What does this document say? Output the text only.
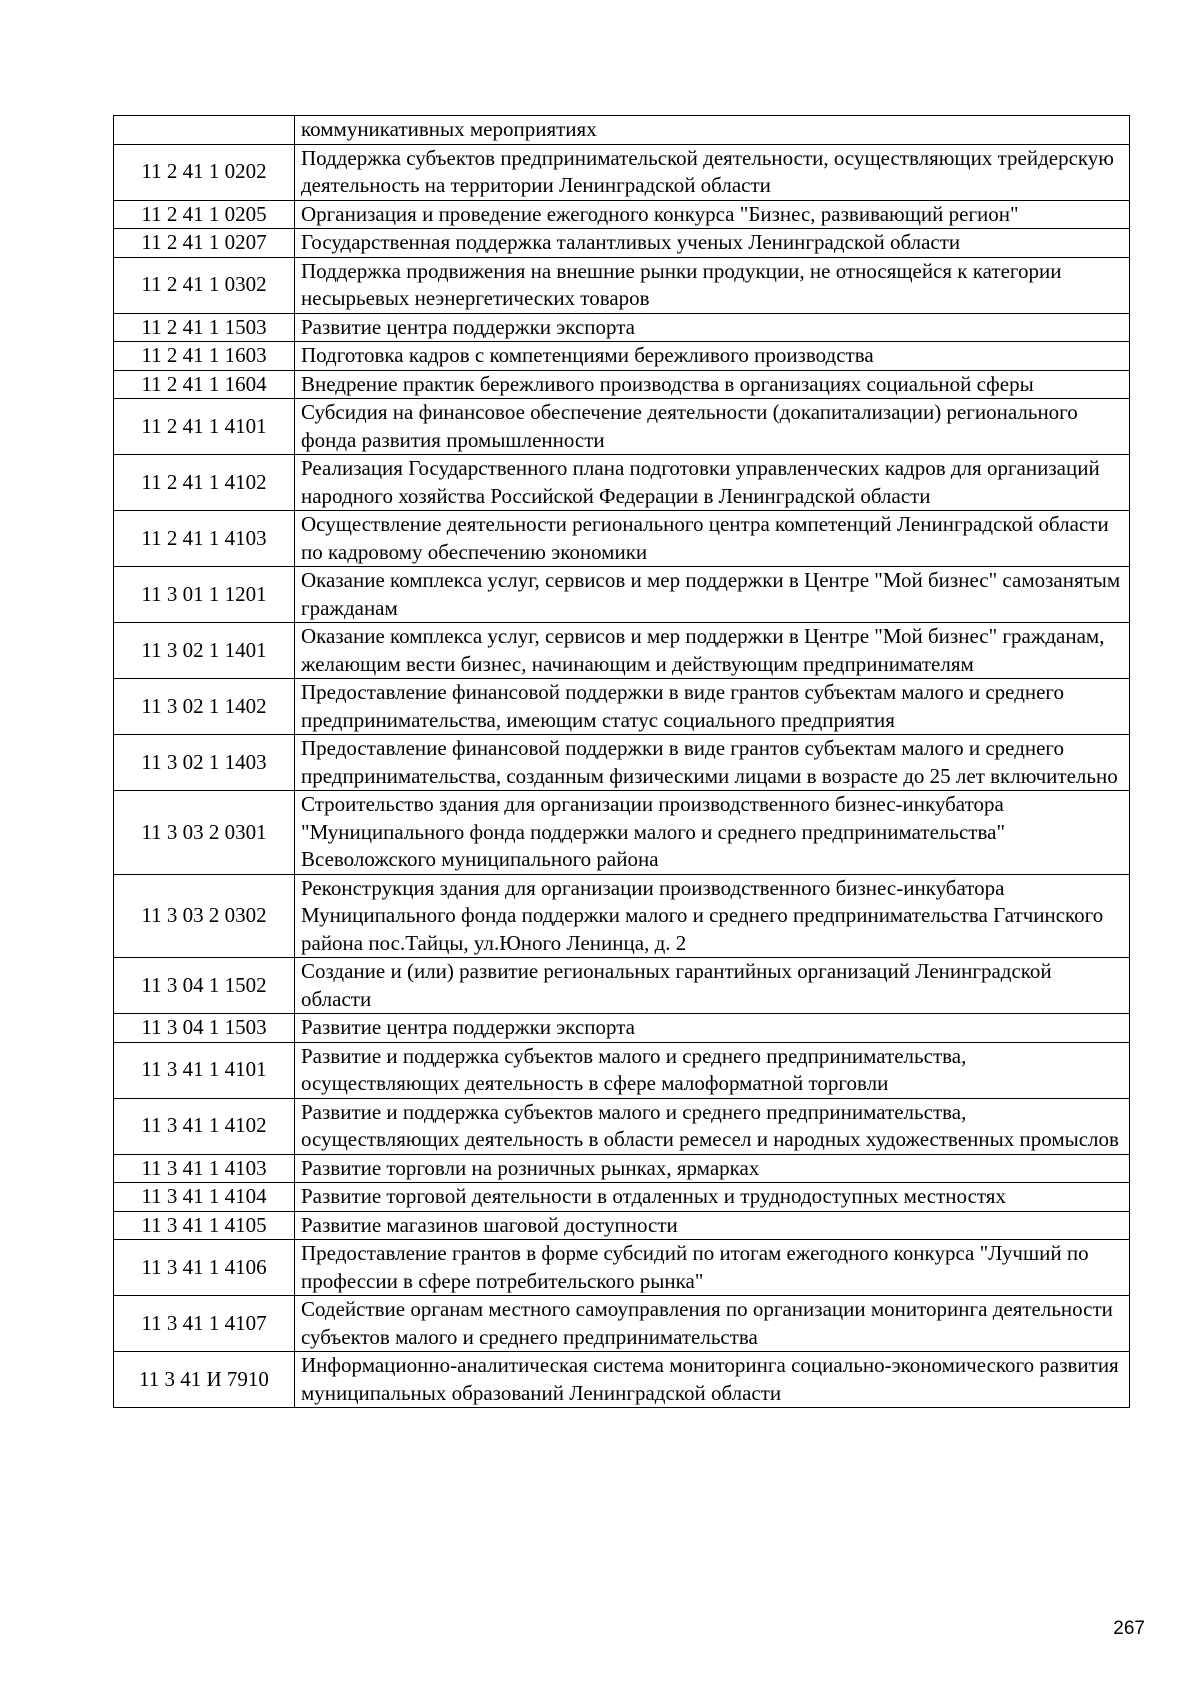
	коммуникативных мероприятиях
11 2 41 1 0202	Поддержка субъектов предпринимательской деятельности, осуществляющих трейдерскую деятельность на территории Ленинградской области
11 2 41 1 0205	Организация и проведение ежегодного конкурса "Бизнес, развивающий регион"
11 2 41 1 0207	Государственная поддержка талантливых ученых Ленинградской области
11 2 41 1 0302	Поддержка продвижения на внешние рынки продукции, не относящейся к категории несырьевых неэнергетических товаров
11 2 41 1 1503	Развитие центра поддержки экспорта
11 2 41 1 1603	Подготовка кадров с компетенциями бережливого производства
11 2 41 1 1604	Внедрение практик бережливого производства в организациях социальной сферы
11 2 41 1 4101	Субсидия на финансовое обеспечение деятельности (докапитализации) регионального фонда развития промышленности
11 2 41 1 4102	Реализация Государственного плана подготовки управленческих кадров для организаций народного хозяйства Российской Федерации в Ленинградской области
11 2 41 1 4103	Осуществление деятельности регионального центра компетенций Ленинградской области по кадровому обеспечению экономики
11 3 01 1 1201	Оказание комплекса услуг, сервисов и мер поддержки в Центре "Мой бизнес" самозанятым гражданам
11 3 02 1 1401	Оказание комплекса услуг, сервисов и мер поддержки в Центре "Мой бизнес" гражданам, желающим вести бизнес, начинающим и действующим предпринимателям
11 3 02 1 1402	Предоставление финансовой поддержки в виде грантов субъектам малого и среднего предпринимательства, имеющим статус социального предприятия
11 3 02 1 1403	Предоставление финансовой поддержки в виде грантов субъектам малого и среднего предпринимательства, созданным физическими лицами в возрасте до 25 лет включительно
11 3 03 2 0301	Строительство здания для организации производственного бизнес-инкубатора "Муниципального фонда поддержки малого и среднего предпринимательства" Всеволожского муниципального района
11 3 03 2 0302	Реконструкция здания для организации производственного бизнес-инкубатора Муниципального фонда поддержки малого и среднего предпринимательства Гатчинского района пос.Тайцы, ул.Юного Ленинца, д. 2
11 3 04 1 1502	Создание и (или) развитие региональных гарантийных организаций Ленинградской области
11 3 04 1 1503	Развитие центра поддержки экспорта
11 3 41 1 4101	Развитие и поддержка субъектов малого и среднего предпринимательства, осуществляющих деятельность в сфере малоформатной торговли
11 3 41 1 4102	Развитие и поддержка субъектов малого и среднего предпринимательства, осуществляющих деятельность в области ремесел и народных художественных промыслов
11 3 41 1 4103	Развитие торговли на розничных рынках, ярмарках
11 3 41 1 4104	Развитие торговой деятельности в отдаленных и труднодоступных местностях
11 3 41 1 4105	Развитие магазинов шаговой доступности
11 3 41 1 4106	Предоставление грантов в форме субсидий по итогам ежегодного конкурса "Лучший по профессии в сфере потребительского рынка"
11 3 41 1 4107	Содействие органам местного самоуправления по организации мониторинга деятельности субъектов малого и среднего предпринимательства
11 3 41 И 7910	Информационно-аналитическая система мониторинга социально-экономического развития муниципальных образований Ленинградской области
267
